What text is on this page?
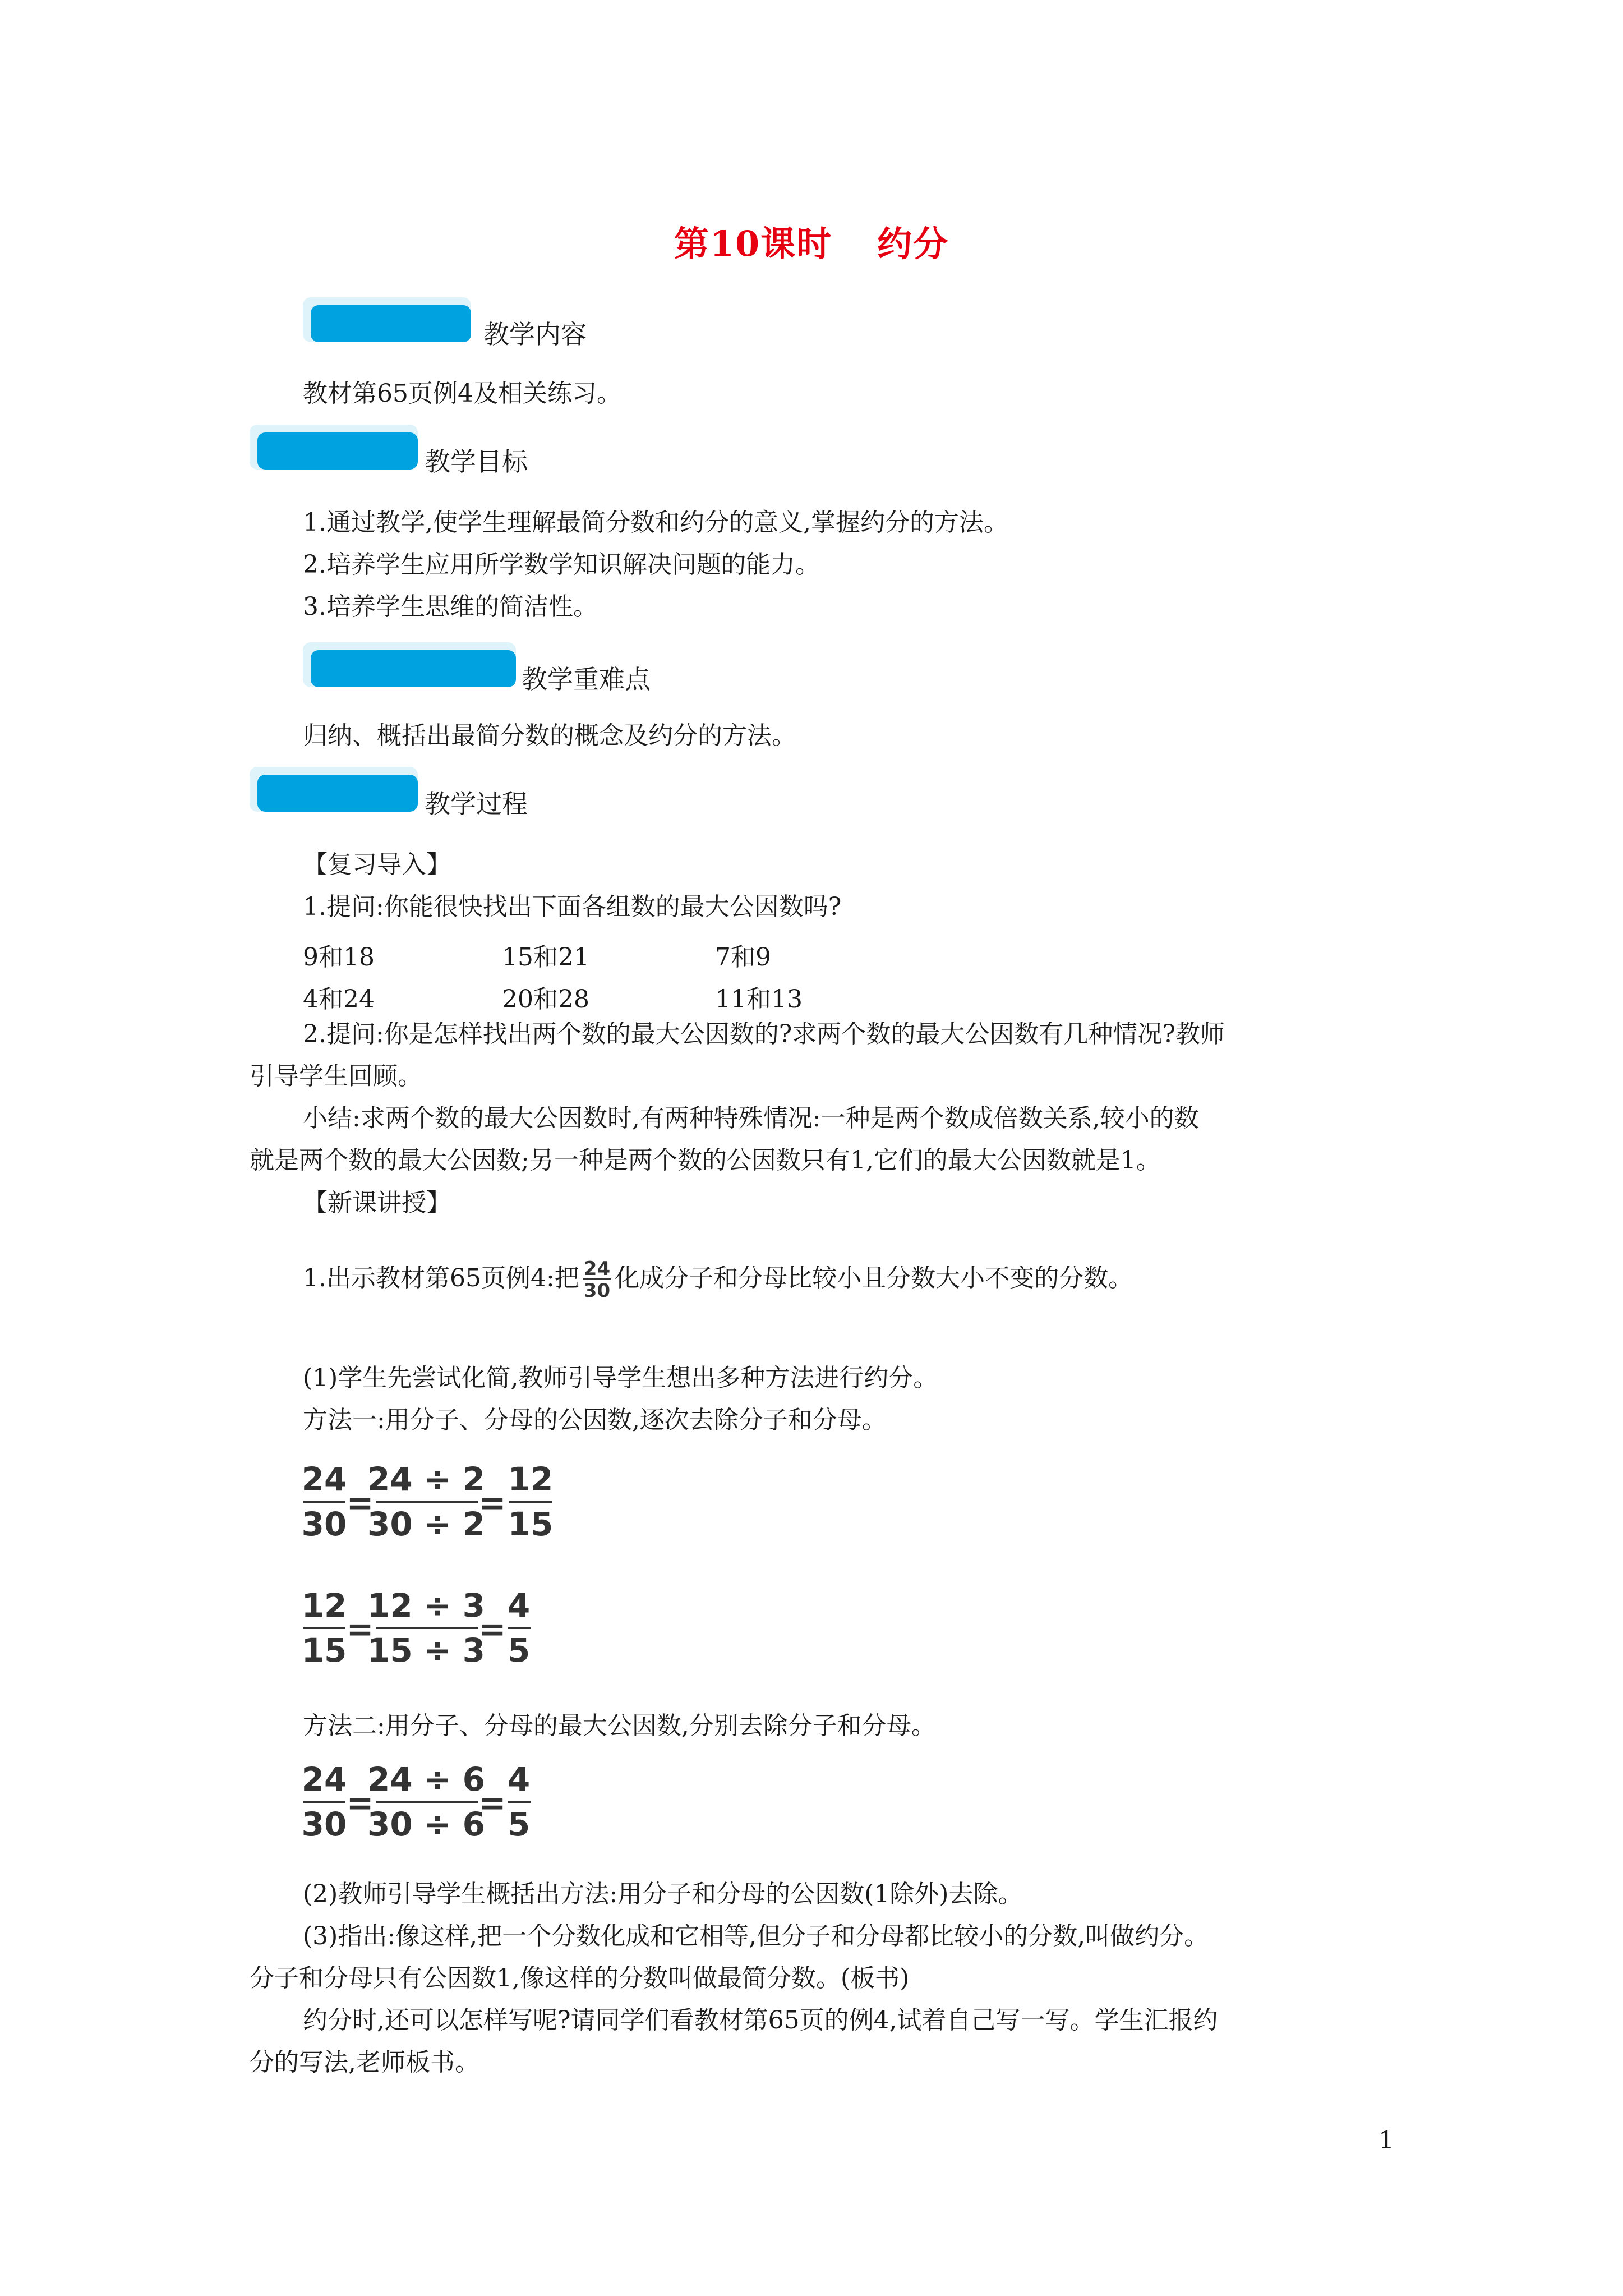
第10课时 约分
教学内容
教材第65页例4及相关练习。
教学目标
1.通过教学,使学生理解最简分数和约分的意义,掌握约分的方法。
2.培养学生应用所学数学知识解决问题的能力。
3.培养学生思维的简洁性。
教学重难点
归纳、概括出最简分数的概念及约分的方法。
教学过程
【复习导入】
1.提问:你能很快找出下面各组数的最大公因数吗?
9和18	15和21	7和9
4和24	20和28	11和13
2.提问:你是怎样找出两个数的最大公因数的?求两个数的最大公因数有几种情况?教师
引导学生回顾。
小结:求两个数的最大公因数时,有两种特殊情况:一种是两个数成倍数关系,较小的数
就是两个数的最大公因数;另一种是两个数的公因数只有1,它们的最大公因数就是1。
【新课讲授】
1.出示教材第65页例4:把 $\frac{24}{30}$ 化成分子和分母比较小且分数大小不变的分数。
(1)学生先尝试化简,教师引导学生想出多种方法进行约分。
方法一:用分子、分母的公因数,逐次去除分子和分母。
24
30
=
24 ÷ 2
30 ÷ 2
=
12
15
12
15
=
12 ÷ 3
15 ÷ 3
=
4
5
方法二:用分子、分母的最大公因数,分别去除分子和分母。
24
30
=
24 ÷ 6
30 ÷ 6
=
4
5
(2)教师引导学生概括出方法:用分子和分母的公因数(1除外)去除。
(3)指出:像这样,把一个分数化成和它相等,但分子和分母都比较小的分数,叫做约分。
分子和分母只有公因数1,像这样的分数叫做最简分数。(板书)
约分时,还可以怎样写呢?请同学们看教材第65页的例4,试着自己写一写。学生汇报约
分的写法,老师板书。
1
